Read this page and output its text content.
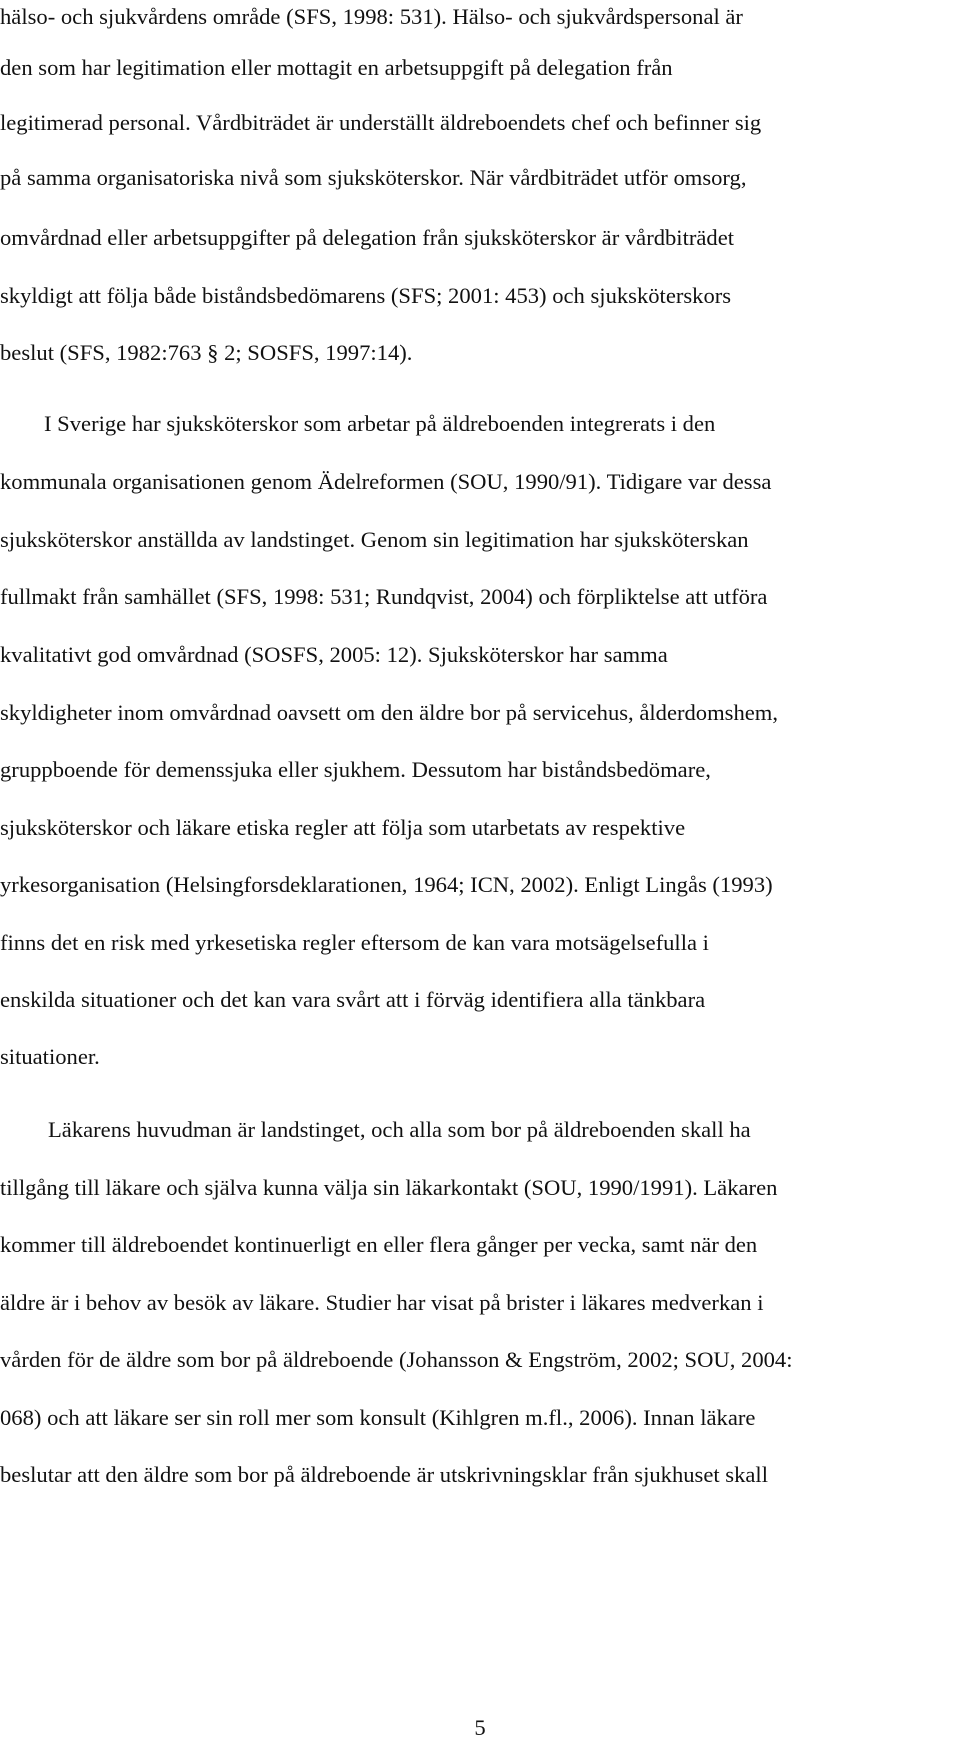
hälso- och sjukvårdens område (SFS, 1998: 531). Hälso- och sjukvårdspersonal är
den som har legitimation eller mottagit en arbetsuppgift på delegation från
legitimerad personal. Vårdbiträdet är underställt äldreboendets chef och befinner sig
på samma organisatoriska nivå som sjuksköterskor. När vårdbiträdet utför omsorg,
omvårdnad eller arbetsuppgifter på delegation från sjuksköterskor är vårdbiträdet
skyldigt att följa både biståndsbedömarens (SFS; 2001: 453) och sjuksköterskors
beslut (SFS, 1982:763 § 2; SOSFS, 1997:14).
I Sverige har sjuksköterskor som arbetar på äldreboenden integrerats i den
kommunala organisationen genom Ädelreformen (SOU, 1990/91). Tidigare var dessa
sjuksköterskor anställda av landstinget. Genom sin legitimation har sjuksköterskan
fullmakt från samhället (SFS, 1998: 531; Rundqvist, 2004) och förpliktelse att utföra
kvalitativt god omvårdnad (SOSFS, 2005: 12). Sjuksköterskor har samma
skyldigheter inom omvårdnad oavsett om den äldre bor på servicehus, ålderdomshem,
gruppboende för demenssjuka eller sjukhem. Dessutom har biståndsbedömare,
sjuksköterskor och läkare etiska regler att följa som utarbetats av respektive
yrkesorganisation (Helsingforsdeklarationen, 1964; ICN, 2002). Enligt Lingås (1993)
finns det en risk med yrkesetiska regler eftersom de kan vara motsägelsefulla i
enskilda situationer och det kan vara svårt att i förväg identifiera alla tänkbara
situationer.
Läkarens huvudman är landstinget, och alla som bor på äldreboenden skall ha
tillgång till läkare och själva kunna välja sin läkarkontakt (SOU, 1990/1991). Läkaren
kommer till äldreboendet kontinuerligt en eller flera gånger per vecka, samt när den
äldre är i behov av besök av läkare. Studier har visat på brister i läkares medverkan i
vården för de äldre som bor på äldreboende (Johansson & Engström, 2002; SOU, 2004:
068) och att läkare ser sin roll mer som konsult (Kihlgren m.fl., 2006). Innan läkare
beslutar att den äldre som bor på äldreboende är utskrivningsklar från sjukhuset skall
5
